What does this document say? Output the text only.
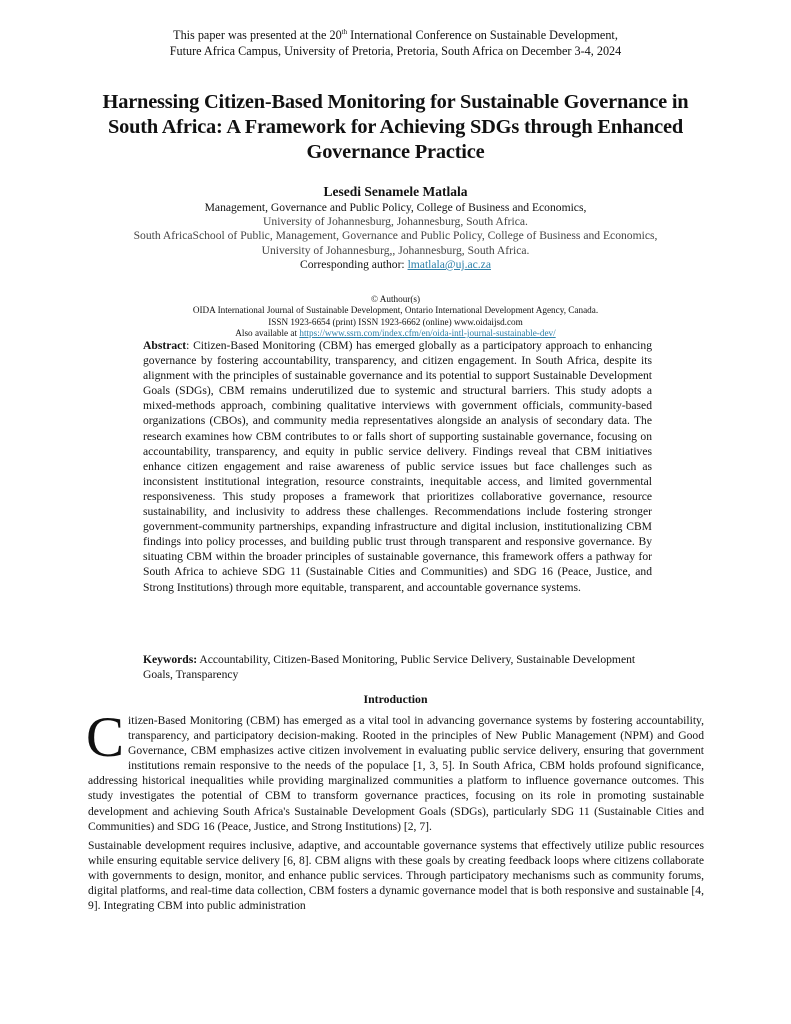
This paper was presented at the 20th International Conference on Sustainable Development,
Future Africa Campus, University of Pretoria, Pretoria, South Africa on December 3-4, 2024
Harnessing Citizen-Based Monitoring for Sustainable Governance in South Africa: A Framework for Achieving SDGs through Enhanced Governance Practice
Lesedi Senamele Matlala
Management, Governance and Public Policy, College of Business and Economics,
University of Johannesburg, Johannesburg, South Africa.
South AfricaSchool of Public, Management, Governance and Public Policy, College of Business and Economics,
University of Johannesburg,, Johannesburg, South Africa.
Corresponding author: lmatlala@uj.ac.za
© Authour(s)
OIDA International Journal of Sustainable Development, Ontario International Development Agency, Canada.
ISSN 1923-6654 (print) ISSN 1923-6662 (online) www.oidaijsd.com
Also available at https://www.ssrn.com/index.cfm/en/oida-intl-journal-sustainable-dev/
Abstract: Citizen-Based Monitoring (CBM) has emerged globally as a participatory approach to enhancing governance by fostering accountability, transparency, and citizen engagement. In South Africa, despite its alignment with the principles of sustainable governance and its potential to support Sustainable Development Goals (SDGs), CBM remains underutilized due to systemic and structural barriers. This study adopts a mixed-methods approach, combining qualitative interviews with government officials, community-based organizations (CBOs), and community media representatives alongside an analysis of secondary data. The research examines how CBM contributes to or falls short of supporting sustainable governance, focusing on accountability, transparency, and equity in public service delivery. Findings reveal that CBM initiatives enhance citizen engagement and raise awareness of public service issues but face challenges such as inconsistent institutional integration, resource constraints, inequitable access, and limited governmental responsiveness. This study proposes a framework that prioritizes collaborative governance, resource sustainability, and inclusivity to address these challenges. Recommendations include fostering stronger government-community partnerships, expanding infrastructure and digital inclusion, institutionalizing CBM findings into policy processes, and building public trust through transparent and responsive governance. By situating CBM within the broader principles of sustainable governance, this framework offers a pathway for South Africa to achieve SDG 11 (Sustainable Cities and Communities) and SDG 16 (Peace, Justice, and Strong Institutions) through more equitable, transparent, and accountable governance systems.
Keywords: Accountability, Citizen-Based Monitoring, Public Service Delivery, Sustainable Development Goals, Transparency
Introduction
Citizen-Based Monitoring (CBM) has emerged as a vital tool in advancing governance systems by fostering accountability, transparency, and participatory decision-making. Rooted in the principles of New Public Management (NPM) and Good Governance, CBM emphasizes active citizen involvement in evaluating public service delivery, ensuring that government institutions remain responsive to the needs of the populace [1, 3, 5]. In South Africa, CBM holds profound significance, addressing historical inequalities while providing marginalized communities a platform to influence governance outcomes. This study investigates the potential of CBM to transform governance practices, focusing on its role in promoting sustainable development and achieving South Africa's Sustainable Development Goals (SDGs), particularly SDG 11 (Sustainable Cities and Communities) and SDG 16 (Peace, Justice, and Strong Institutions) [2, 7].
Sustainable development requires inclusive, adaptive, and accountable governance systems that effectively utilize public resources while ensuring equitable service delivery [6, 8]. CBM aligns with these goals by creating feedback loops where citizens collaborate with governments to design, monitor, and enhance public services. Through participatory mechanisms such as community forums, digital platforms, and real-time data collection, CBM fosters a dynamic governance model that is both responsive and sustainable [4, 9]. Integrating CBM into public administration
